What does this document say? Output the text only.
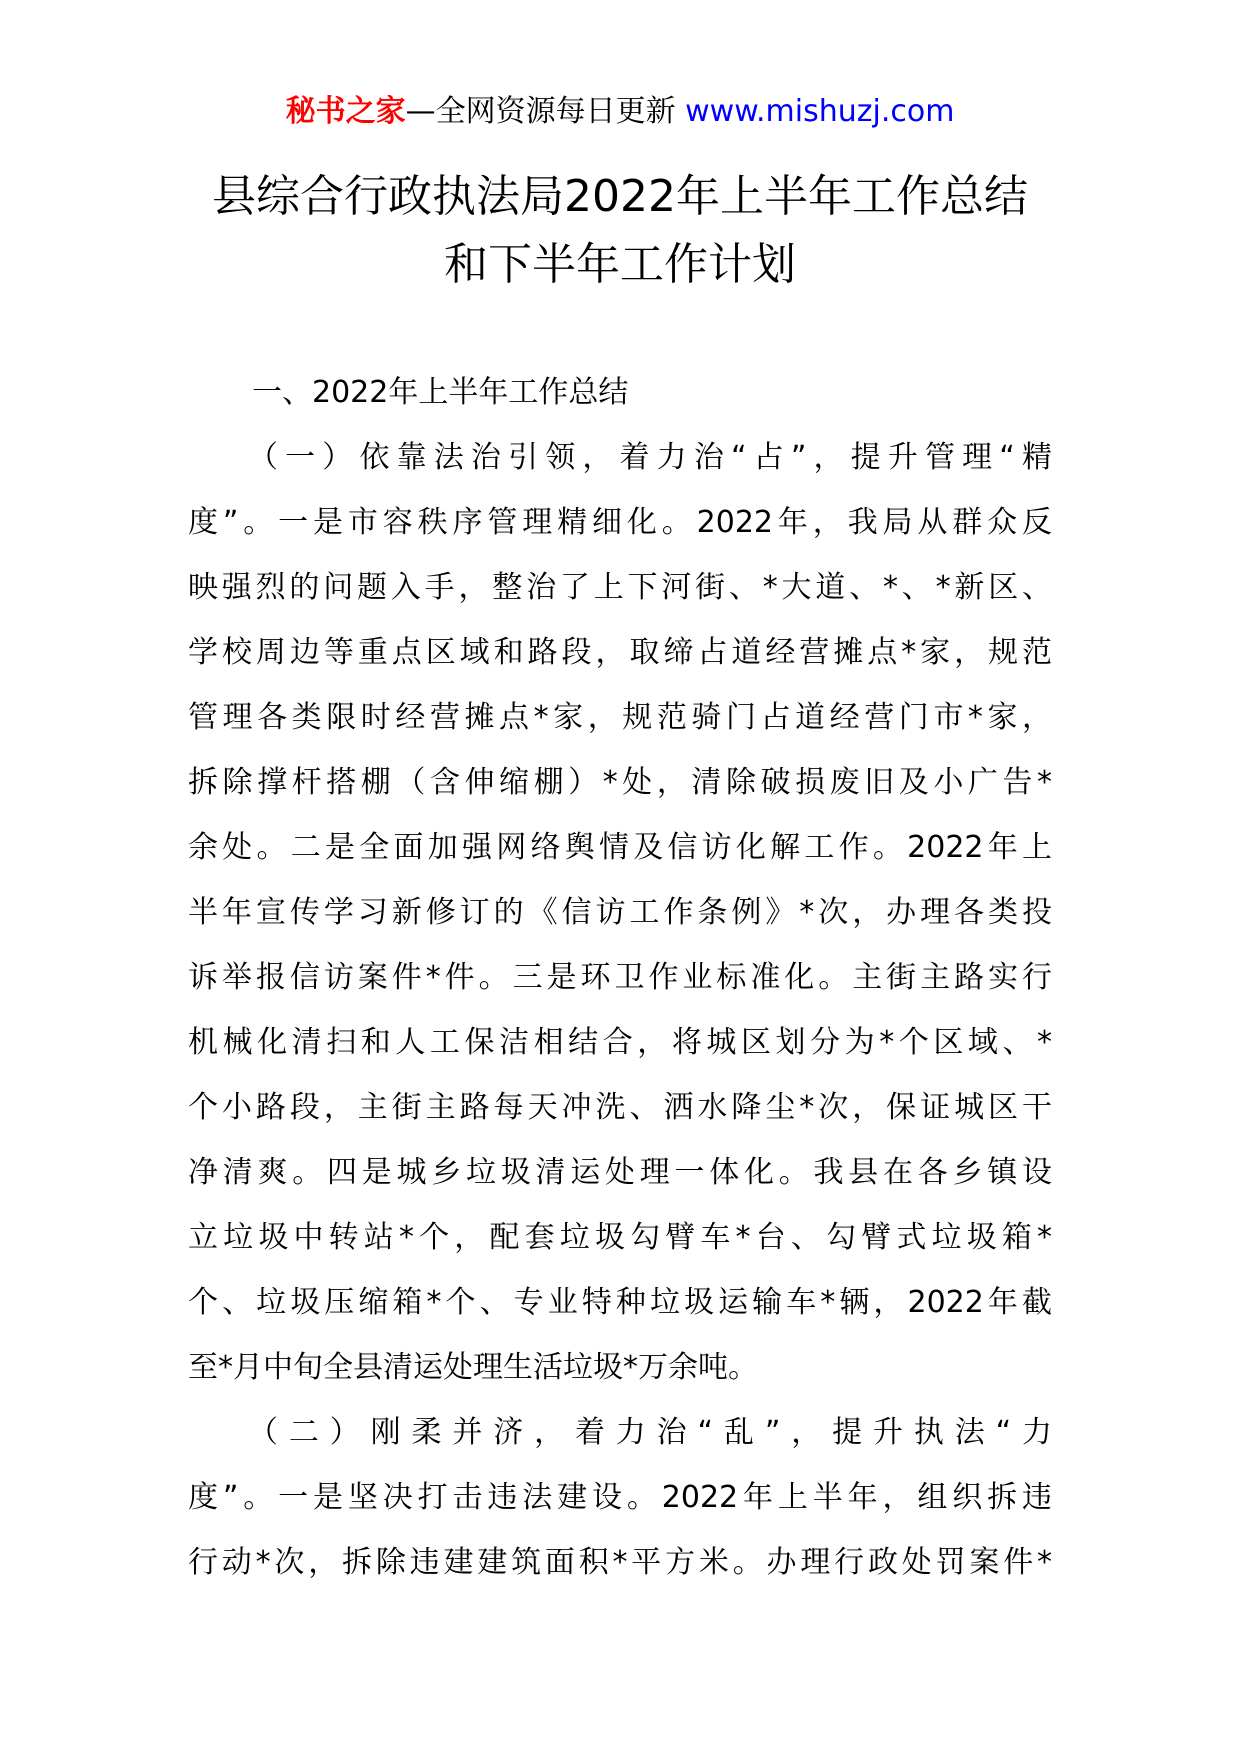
秘书之家—全网资源每日更新 www.mishuzj.com
县综合行政执法局2022年上半年工作总结
和下半年工作计划
一、2022年上半年工作总结
（一）依靠法治引领，着力治“占”，提升管理“精
度”。一是市容秩序管理精细化。2022年，我局从群众反
映强烈的问题入手，整治了上下河街、*大道、*、*新区、
学校周边等重点区域和路段，取缔占道经营摊点*家，规范
管理各类限时经营摊点*家，规范骑门占道经营门市*家，
拆除撑杆搭棚（含伸缩棚）*处，清除破损废旧及小广告*
余处。二是全面加强网络舆情及信访化解工作。2022年上
半年宣传学习新修订的《信访工作条例》*次，办理各类投
诉举报信访案件*件。三是环卫作业标准化。主街主路实行
机械化清扫和人工保洁相结合，将城区划分为*个区域、*
个小路段，主街主路每天冲洗、洒水降尘*次，保证城区干
净清爽。四是城乡垃圾清运处理一体化。我县在各乡镇设
立垃圾中转站*个，配套垃圾勾臂车*台、勾臂式垃圾箱*
个、垃圾压缩箱*个、专业特种垃圾运输车*辆，2022年截
至*月中旬全县清运处理生活垃圾*万余吨。
（二）刚柔并济，着力治“乱”，提升执法“力
度”。一是坚决打击违法建设。2022年上半年，组织拆违
行动*次，拆除违建建筑面积*平方米。办理行政处罚案件*
